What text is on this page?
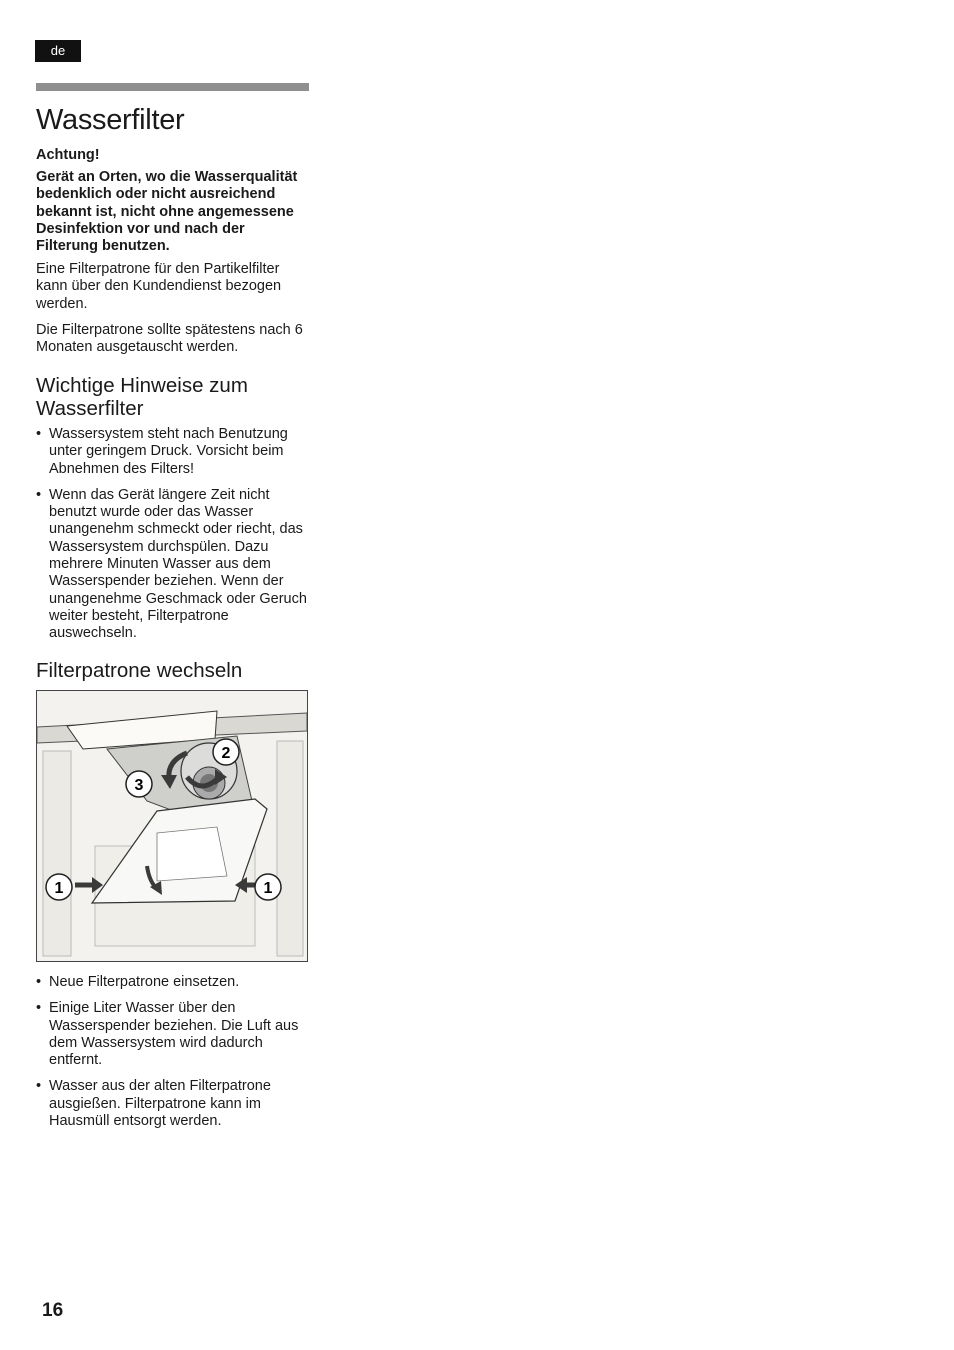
de
Wasserfilter
Achtung!
Gerät an Orten, wo die Wasserqualität bedenklich oder nicht ausreichend bekannt ist, nicht ohne angemessene Desinfektion vor und nach der Filterung benutzen.
Eine Filterpatrone für den Partikelfilter kann über den Kundendienst bezogen werden.
Die Filterpatrone sollte spätestens nach 6 Monaten ausgetauscht werden.
Wichtige Hinweise zum Wasserfilter
• Wassersystem steht nach Benutzung unter geringem Druck. Vorsicht beim Abnehmen des Filters!
• Wenn das Gerät längere Zeit nicht benutzt wurde oder das Wasser unangenehm schmeckt oder riecht, das Wassersystem durchspülen. Dazu mehrere Minuten Wasser aus dem Wasserspender beziehen. Wenn der unangenehme Geschmack oder Geruch weiter besteht, Filterpatrone auswechseln.
Filterpatrone wechseln
1	1
2
3
• Neue Filterpatrone einsetzen.
• Einige Liter Wasser über den Wasserspender beziehen. Die Luft aus dem Wassersystem wird dadurch entfernt.
• Wasser aus der alten Filterpatrone ausgießen. Filterpatrone kann im Hausmüll entsorgt werden.
16
